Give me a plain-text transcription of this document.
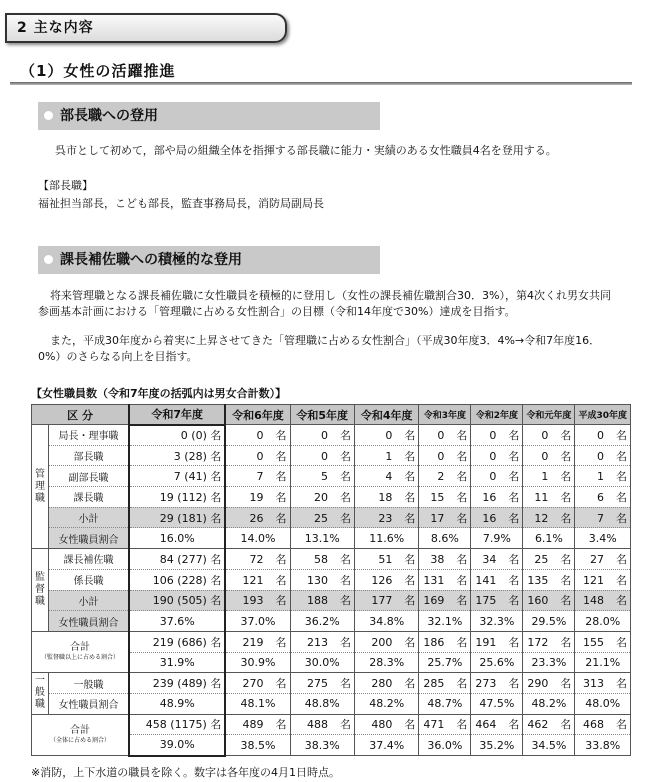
2 主な内容
（1）女性の活躍推進
部長職への登用
呉市として初めて，部や局の組織全体を指揮する部長職に能力・実績のある女性職員4名を登用する。
【部長職】
福祉担当部長，こども部長，監査事務局長，消防局副局長
課長補佐職への積極的な登用
将来管理職となる課長補佐職に女性職員を積極的に登用し（女性の課長補佐職割合30．3%），第4次くれ男女共同参画基本計画における「管理職に占める女性割合」の目標（令和14年度で30%）達成を目指す。
また，平成30年度から着実に上昇させてきた「管理職に占める女性割合」（平成30年度3．4%→令和7年度16．0%）のさらなる向上を目指す。
【女性職員数（令和7年度の括弧内は男女合計数）】
区 分		令和7年度	令和6年度	令和5年度	令和4年度	令和3年度	令和2年度	令和元年度	平成30年度
管
理
職	局長・理事職	0 (0) 名	0 名	0 名	0 名	0 名	0 名	0 名	0 名
	部長職	3 (28) 名	0 名	0 名	1 名	0 名	0 名	0 名	0 名
	副部長職	7 (41) 名	7 名	5 名	4 名	2 名	0 名	1 名	1 名
	課長職	19 (112) 名	19 名	20 名	18 名	15 名	16 名	11 名	6 名
	小計	29 (181) 名	26 名	25 名	23 名	17 名	16 名	12 名	7 名
	女性職員割合	16.0%	14.0%	13.1%	11.6%	8.6%	7.9%	6.1%	3.4%
監
督
職	課長補佐職	84 (277) 名	72 名	58 名	51 名	38 名	34 名	25 名	27 名
	係長職	106 (228) 名	121 名	130 名	126 名	131 名	141 名	135 名	121 名
	小計	190 (505) 名	193 名	188 名	177 名	169 名	175 名	160 名	148 名
	女性職員割合	37.6%	37.0%	36.2%	34.8%	32.1%	32.3%	29.5%	28.0%
合計
（監督職以上に占める割合）		219 (686) 名	219 名	213 名	200 名	186 名	191 名	172 名	155 名
		31.9%	30.9%	30.0%	28.3%	25.7%	25.6%	23.3%	21.1%
一
般
職	一般職	239 (489) 名	270 名	275 名	280 名	285 名	273 名	290 名	313 名
	女性職員割合	48.9%	48.1%	48.8%	48.2%	48.7%	47.5%	48.2%	48.0%
合計
（全体に占める割合）		458 (1175) 名	489 名	488 名	480 名	471 名	464 名	462 名	468 名
		39.0%	38.5%	38.3%	37.4%	36.0%	35.2%	34.5%	33.8%
※消防，上下水道の職員を除く。数字は各年度の4月1日時点。
